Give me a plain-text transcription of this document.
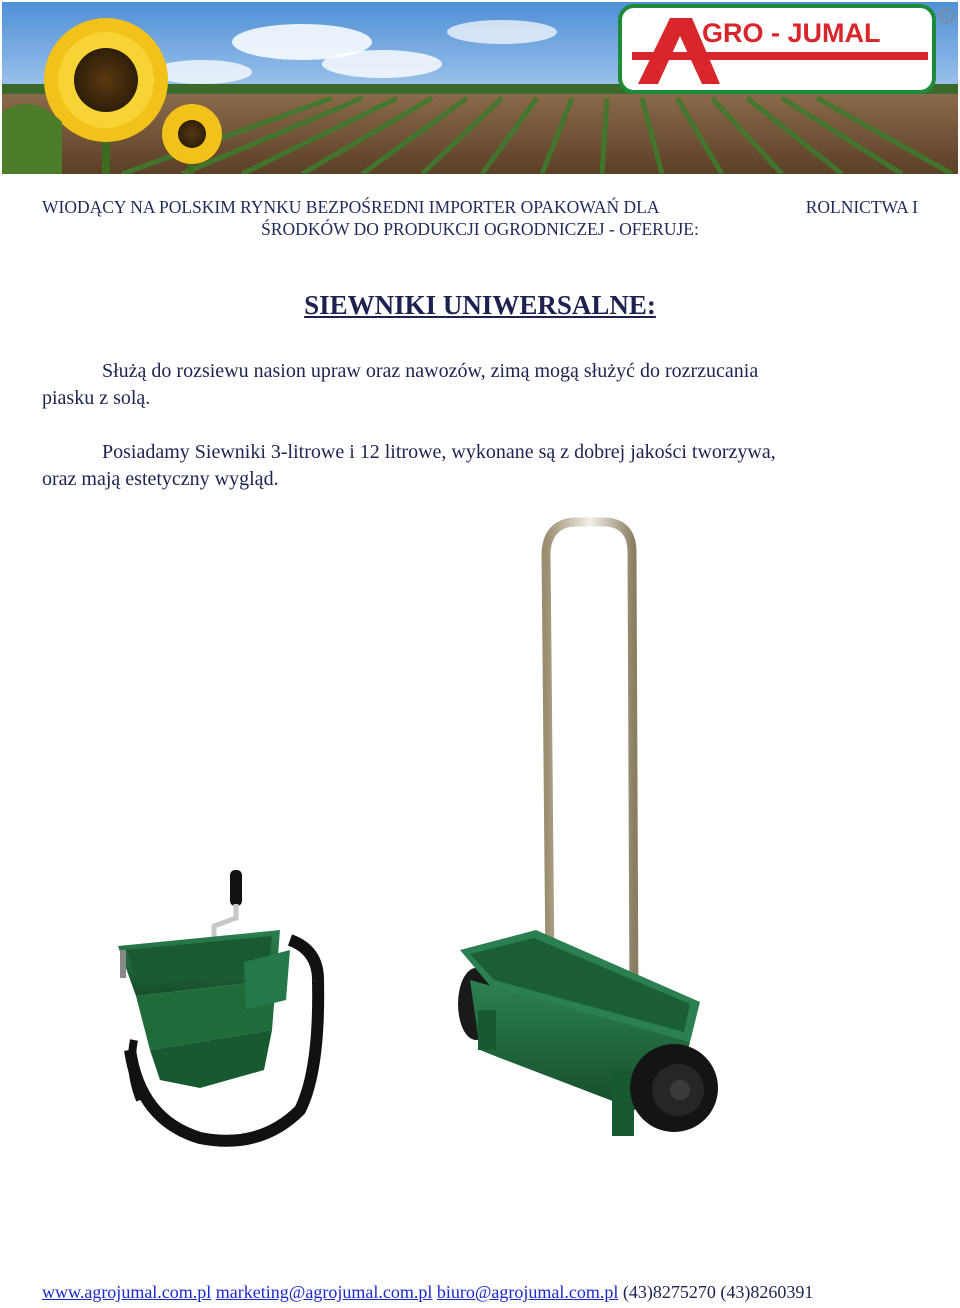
GRO - JUMAL
R
WIODĄCY NA POLSKIM RYNKU BEZPOŚREDNI IMPORTER OPAKOWAŃ DLA	ROLNICTWA I
ŚRODKÓW DO PRODUKCJI OGRODNICZEJ - OFERUJE:
SIEWNIKI UNIWERSALNE:
Służą do rozsiewu nasion upraw oraz nawozów, zimą mogą służyć do rozrzucania
piasku z solą.
Posiadamy Siewniki 3-litrowe i 12 litrowe, wykonane są z dobrej jakości tworzywa,
oraz mają estetyczny wygląd.
www.agrojumal.com.pl marketing@agrojumal.com.pl biuro@agrojumal.com.pl (43)8275270 (43)8260391
